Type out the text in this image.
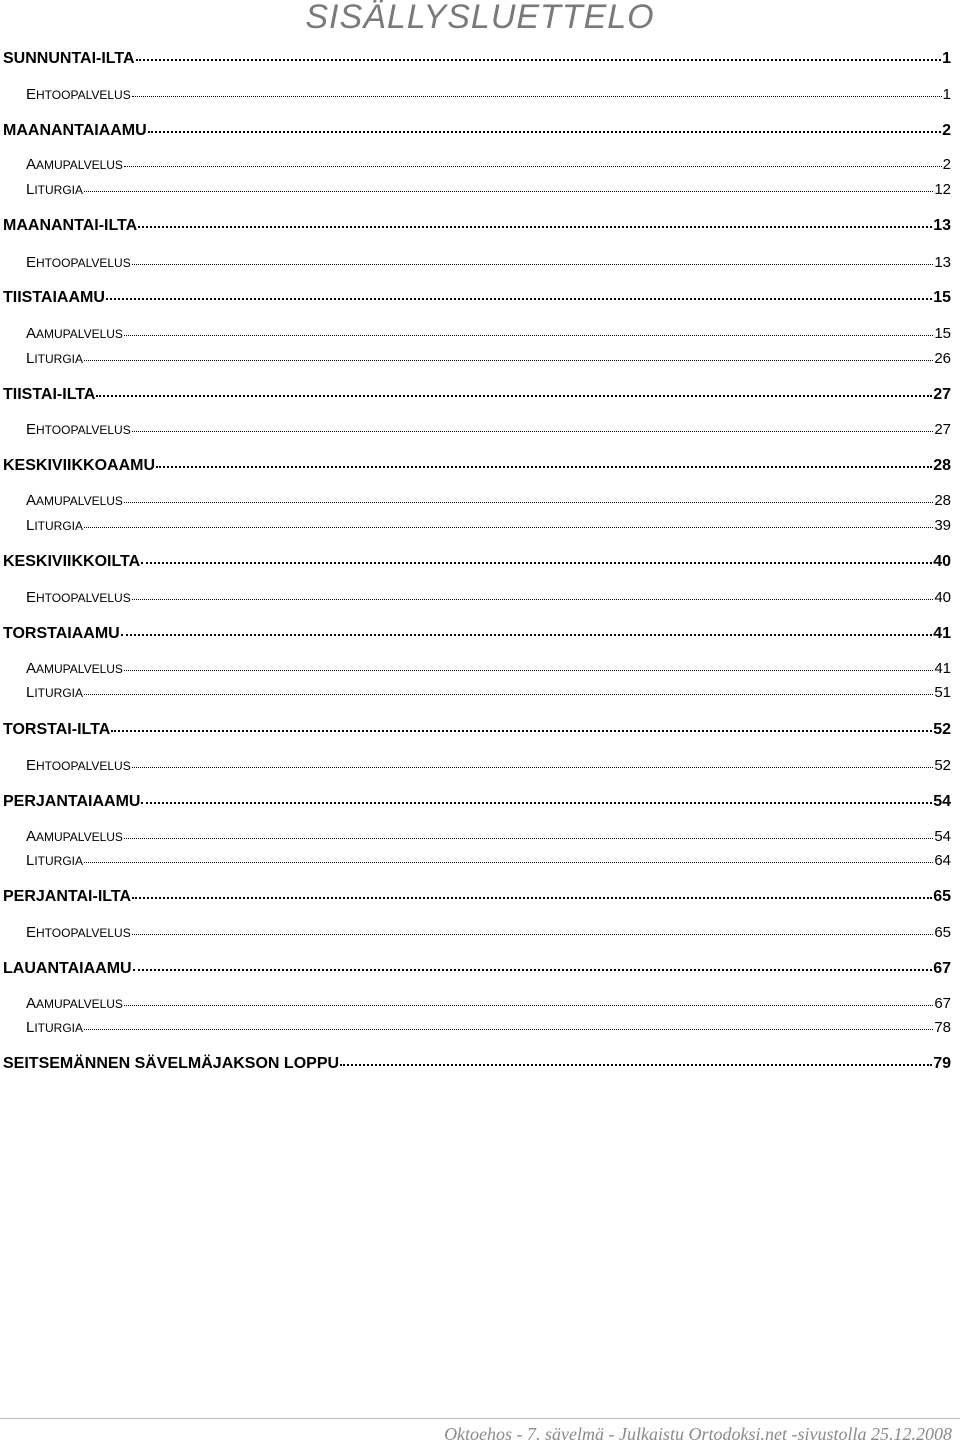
SISÄLLYSLUETTELO
SUNNUNTAI-ILTA	1
EHTOOPALVELUS	1
MAANANTAIAAMU	2
AAMUPALVELUS	2
LITURGIA	12
MAANANTAI-ILTA	13
EHTOOPALVELUS	13
TIISTAIAAMU	15
AAMUPALVELUS	15
LITURGIA	26
TIISTAI-ILTA	27
EHTOOPALVELUS	27
KESKIVIIKKOAAMU	28
AAMUPALVELUS	28
LITURGIA	39
KESKIVIIKKOILTA	40
EHTOOPALVELUS	40
TORSTAIAAMU	41
AAMUPALVELUS	41
LITURGIA	51
TORSTAI-ILTA	52
EHTOOPALVELUS	52
PERJANTAIAAMU	54
AAMUPALVELUS	54
LITURGIA	64
PERJANTAI-ILTA	65
EHTOOPALVELUS	65
LAUANTAIAAMU	67
AAMUPALVELUS	67
LITURGIA	78
SEITSEMÄNNEN SÄVELMÄJAKSON LOPPU	79
Oktoehos - 7. sävelmä - Julkaistu Ortodoksi.net -sivustolla 25.12.2008
